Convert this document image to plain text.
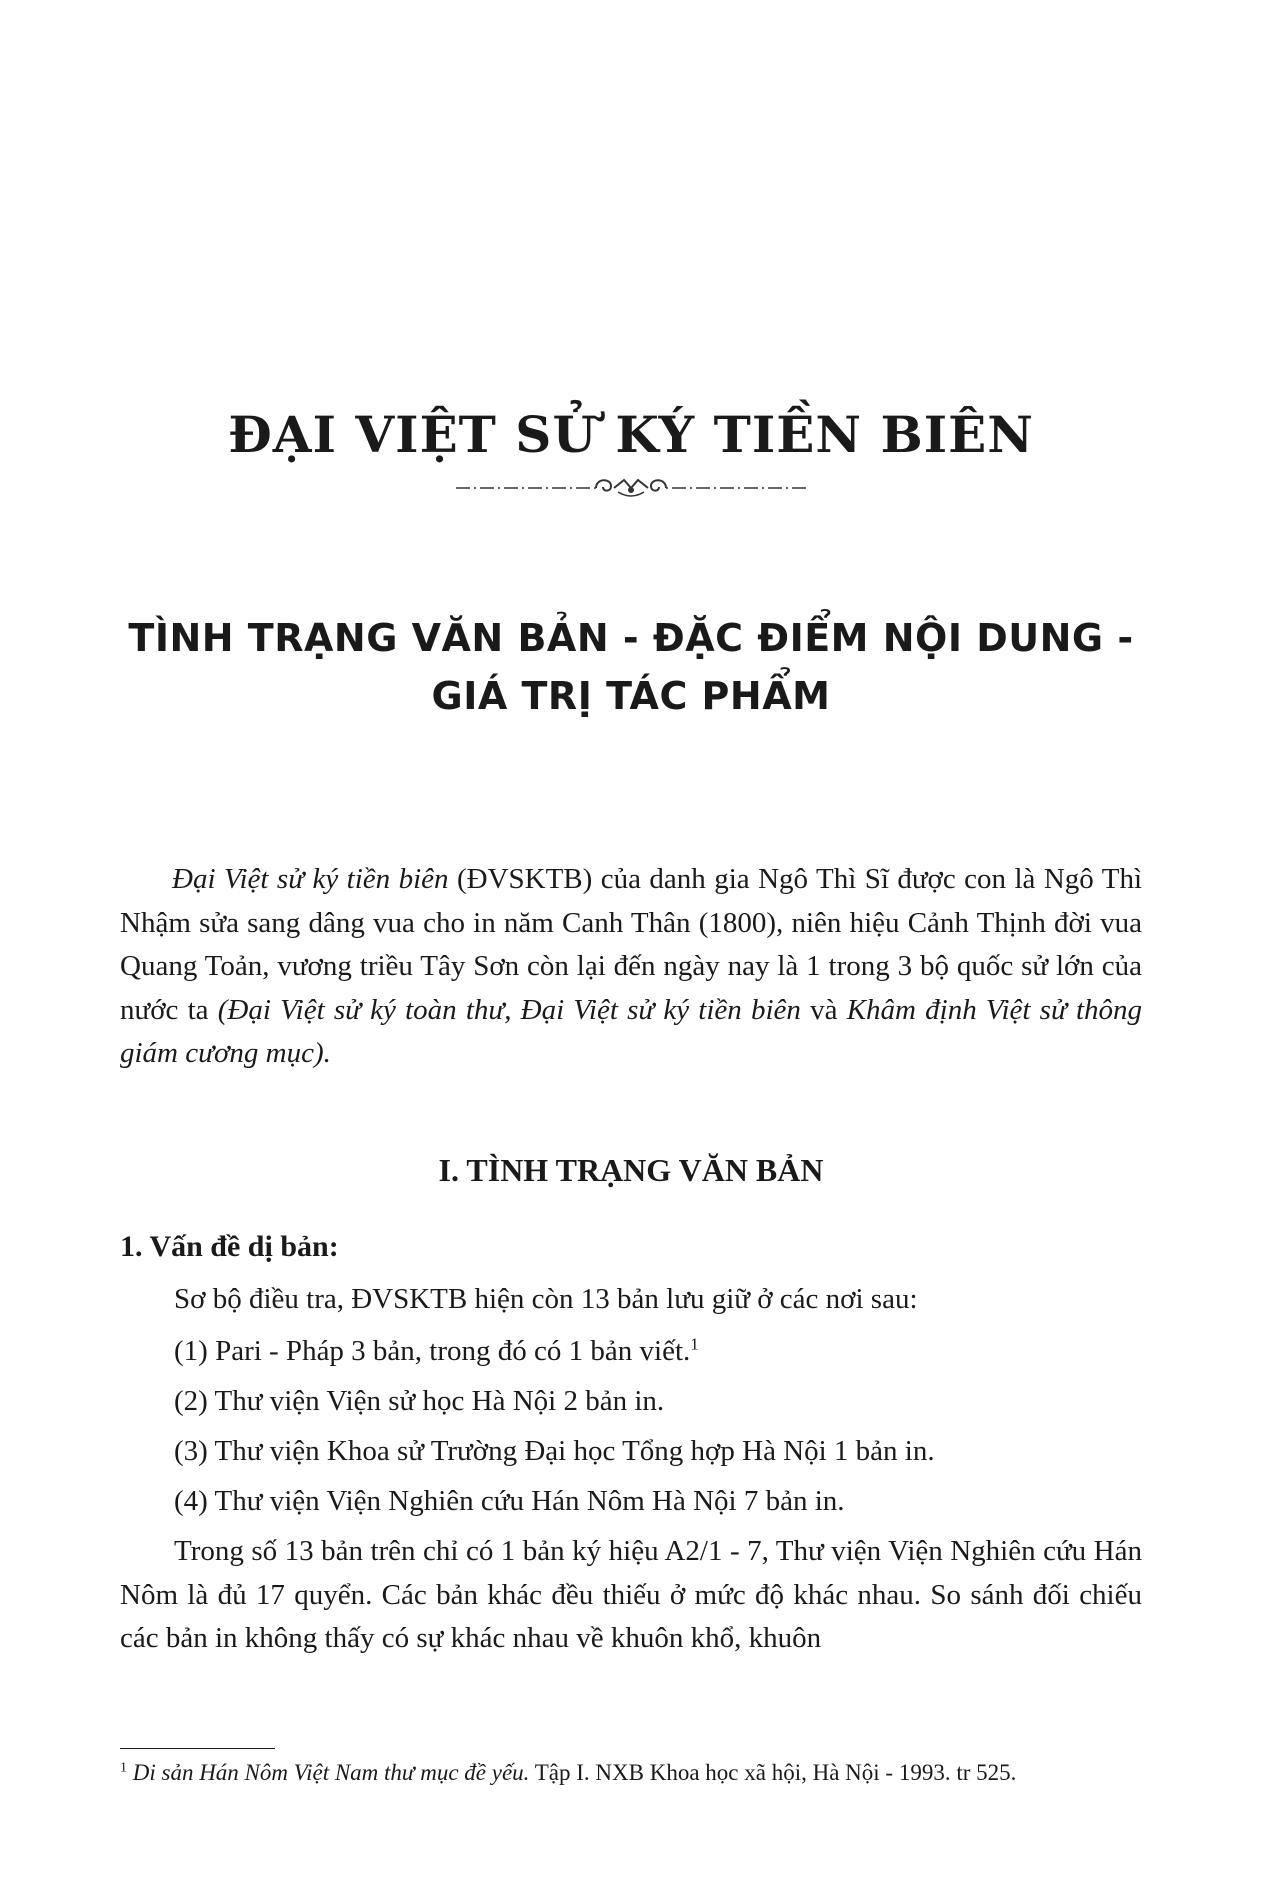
ĐẠI VIỆT SỬ KÝ TIỀN BIÊN
TÌNH TRẠNG VĂN BẢN - ĐẶC ĐIỂM NỘI DUNG -
GIÁ TRỊ TÁC PHẨM

Đại Việt sử ký tiền biên (ĐVSKTB) của danh gia Ngô Thì Sĩ được con là Ngô Thì Nhậm sửa sang dâng vua cho in năm Canh Thân (1800), niên hiệu Cảnh Thịnh đời vua Quang Toản, vương triều Tây Sơn còn lại đến ngày nay là 1 trong 3 bộ quốc sử lớn của nước ta (Đại Việt sử ký toàn thư, Đại Việt sử ký tiền biên và Khâm định Việt sử thông giám cương mục).

I. TÌNH TRẠNG VĂN BẢN
1. Vấn đề dị bản:
Sơ bộ điều tra, ĐVSKTB hiện còn 13 bản lưu giữ ở các nơi sau:
(1) Pari - Pháp 3 bản, trong đó có 1 bản viết.$^1$
(2) Thư viện Viện sử học Hà Nội 2 bản in.
(3) Thư viện Khoa sử Trường Đại học Tổng hợp Hà Nội 1 bản in.
(4) Thư viện Viện Nghiên cứu Hán Nôm Hà Nội 7 bản in.

Trong số 13 bản trên chỉ có 1 bản ký hiệu A2/1 - 7, Thư viện Viện Nghiên cứu Hán Nôm là đủ 17 quyển. Các bản khác đều thiếu ở mức độ khác nhau. So sánh đối chiếu các bản in không thấy có sự khác nhau về khuôn khổ, khuôn

$^1$ Di sản Hán Nôm Việt Nam thư mục đề yếu. Tập I. NXB Khoa học xã hội, Hà Nội - 1993. tr 525.
